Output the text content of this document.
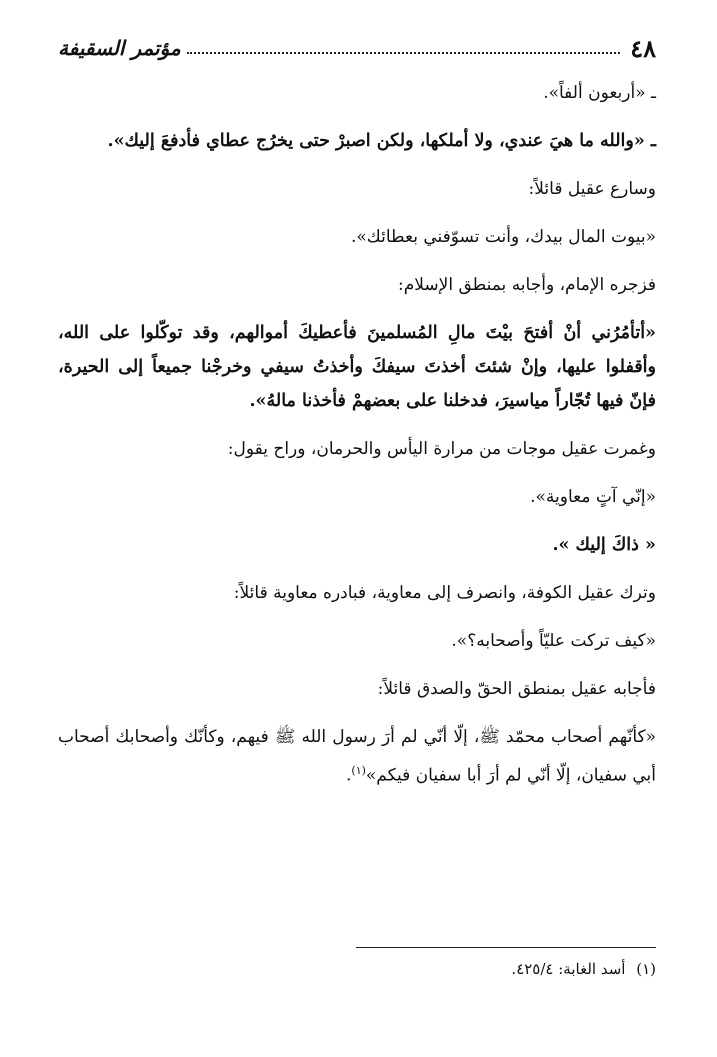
٤٨
مؤتمر السقيفة

ـ «أربعون ألفاً».

ـ «والله ما هيَ عندي، ولا أملكها، ولكن اصبرْ حتى يخرُج عطاي فأدفعَ إليك».

وسارع عقيل قائلاً:

«بيوت المال بيدك، وأنت تسوّفني بعطائك».

فزجره الإمام، وأجابه بمنطق الإسلام:

«أتأمُرُني أنْ أفتحَ بيْتَ مالِ المُسلمينَ فأعطيكَ أموالهم، وقد توكّلوا على الله، وأقفلوا عليها، وإنْ شئتَ أخذتَ سيفكَ وأخذتُ سيفي وخرجْنا جميعاً إلى الحيرة، فإنّ فيها تُجّاراً مياسيرَ، فدخلنا على بعضهمْ فأخذنا مالهُ».

وغمرت عقيل موجات من مرارة اليأس والحرمان، وراح يقول:

«إنّي آتٍ معاوية».

« ذاكَ إليك ».

وترك عقيل الكوفة، وانصرف إلى معاوية، فبادره معاوية قائلاً:

«كيف تركت عليّاً وأصحابه؟».

فأجابه عقيل بمنطق الحقّ والصدق قائلاً:

«كأنّهم أصحاب محمّد ﷺ، إلّا أنّي لم أرَ رسول الله ﷺ فيهم، وكأنّك وأصحابك أصحاب أبي سفيان، إلّا أنّي لم أرَ أبا سفيان فيكم»$^{(١)}$.

(١) أسد الغابة: ٤٢٥/٤.
